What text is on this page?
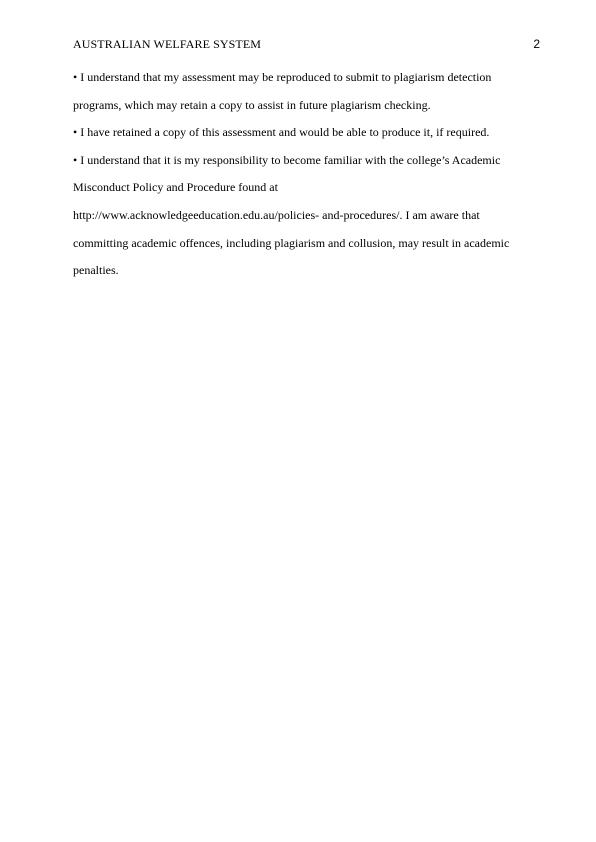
AUSTRALIAN WELFARE SYSTEM	2
• I understand that my assessment may be reproduced to submit to plagiarism detection
programs, which may retain a copy to assist in future plagiarism checking.
• I have retained a copy of this assessment and would be able to produce it, if required.
• I understand that it is my responsibility to become familiar with the college’s Academic
Misconduct Policy and Procedure found at
http://www.acknowledgeeducation.edu.au/policies- and-procedures/. I am aware that
committing academic offences, including plagiarism and collusion, may result in academic
penalties.
